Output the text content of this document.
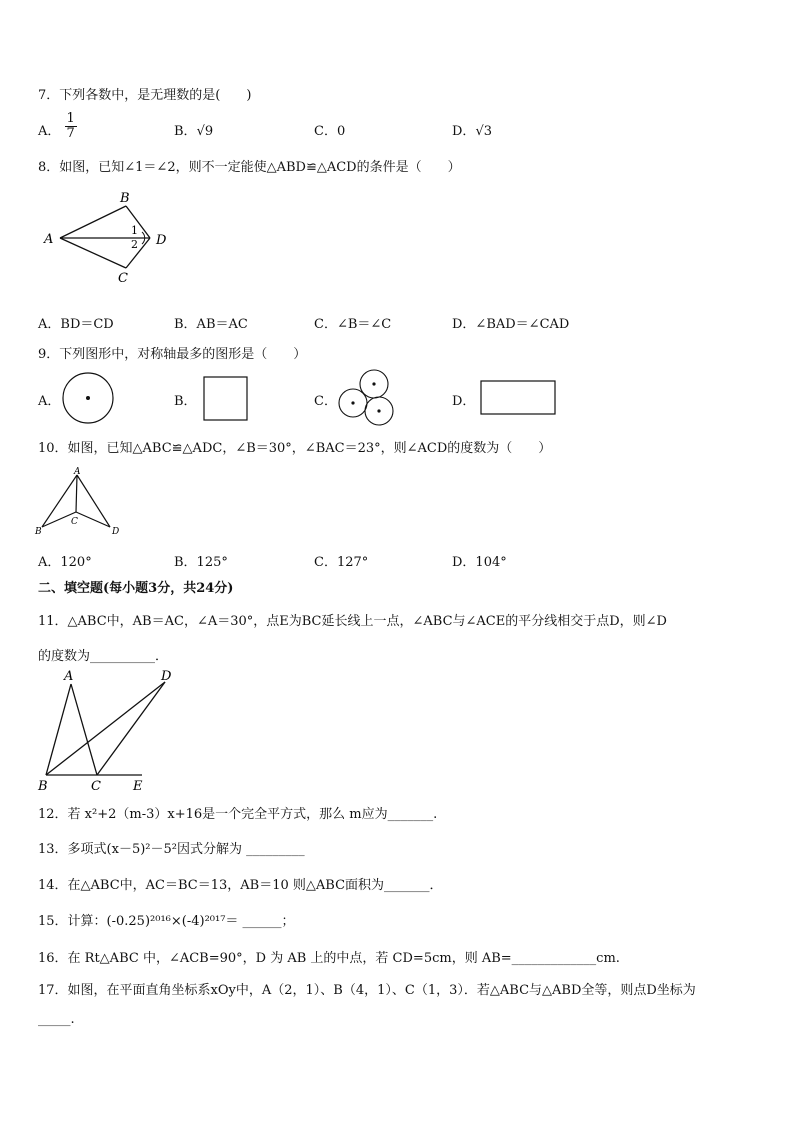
7．下列各数中，是无理数的是(　　)
A． $\frac{1}{7}$	B．√9	C．0	D．√3
8．如图，已知∠1＝∠2，则不一定能使△ABD≌△ACD的条件是（　　）
A
B
C
D
1
2
A．BD＝CD	B．AB＝AC	C．∠B＝∠C	D．∠BAD＝∠CAD
9．下列图形中，对称轴最多的图形是（　　）
A．	B．	C．	D．
10．如图，已知△ABC≌△ADC，∠B＝30°，∠BAC＝23°，则∠ACD的度数为（　　）
A
B
C
D
A．120°	B．125°	C．127°	D．104°
二、填空题(每小题3分，共24分)
11．△ABC中，AB＝AC，∠A＝30°，点E为BC延长线上一点，∠ABC与∠ACE的平分线相交于点D，则∠D
的度数为__________．
A
B	C
D
E
12．若 x²+2（m-3）x+16是一个完全平方式，那么 m应为_______.
13．多项式(x－5)²－5²因式分解为 _________
14．在△ABC中，AC＝BC＝13，AB＝10 则△ABC面积为_______．
15．计算：(-0.25)²⁰¹⁶×(-4)²⁰¹⁷＝ ______；
16．在 Rt△ABC 中，∠ACB=90°，D 为 AB 上的中点，若 CD=5cm，则 AB=_____________cm.
17．如图，在平面直角坐标系xOy中，A（2，1）、B（4，1）、C（1，3）．若△ABC与△ABD全等，则点D坐标为
_____.
